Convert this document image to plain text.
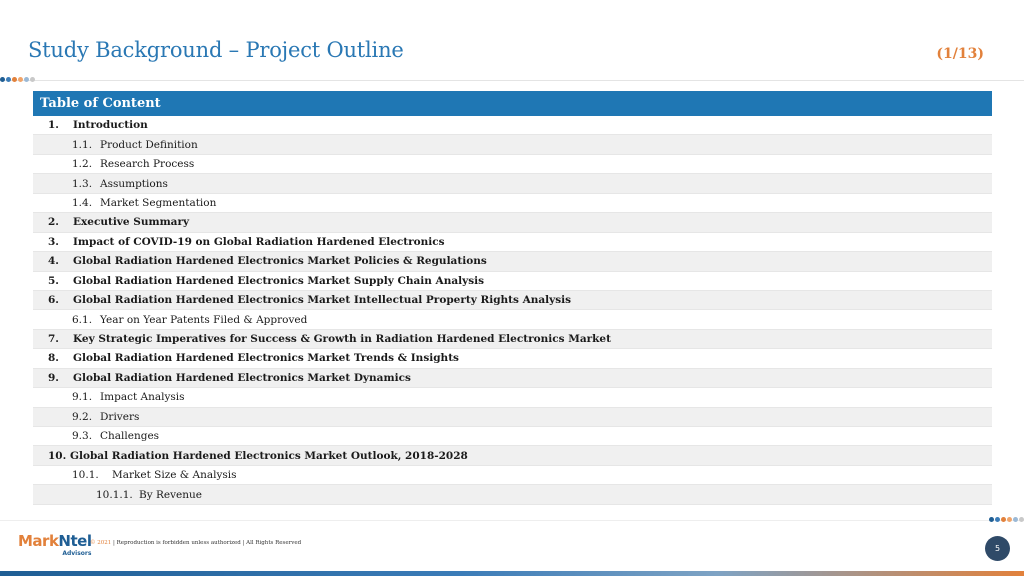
Study Background – Project Outline	(1/13)
Table of Content
1.	Introduction
1.1. Product Definition
1.2. Research Process
1.3. Assumptions
1.4. Market Segmentation
2.	Executive Summary
3.	Impact of COVID-19 on Global Radiation Hardened Electronics
4.	Global Radiation Hardened Electronics Market Policies & Regulations
5.	Global Radiation Hardened Electronics Market Supply Chain Analysis
6.	Global Radiation Hardened Electronics Market Intellectual Property Rights Analysis
6.1. Year on Year Patents Filed & Approved
7.	Key Strategic Imperatives for Success & Growth in Radiation Hardened Electronics Market
8.	Global Radiation Hardened Electronics Market Trends & Insights
9.	Global Radiation Hardened Electronics Market Dynamics
9.1. Impact Analysis
9.2. Drivers
9.3. Challenges
10. Global Radiation Hardened Electronics Market Outlook, 2018-2028
10.1.	Market Size & Analysis
10.1.1. By Revenue
MarkNtel
Advisors
© 2021 | Reproduction is forbidden unless authorized | All Rights Reserved
5
